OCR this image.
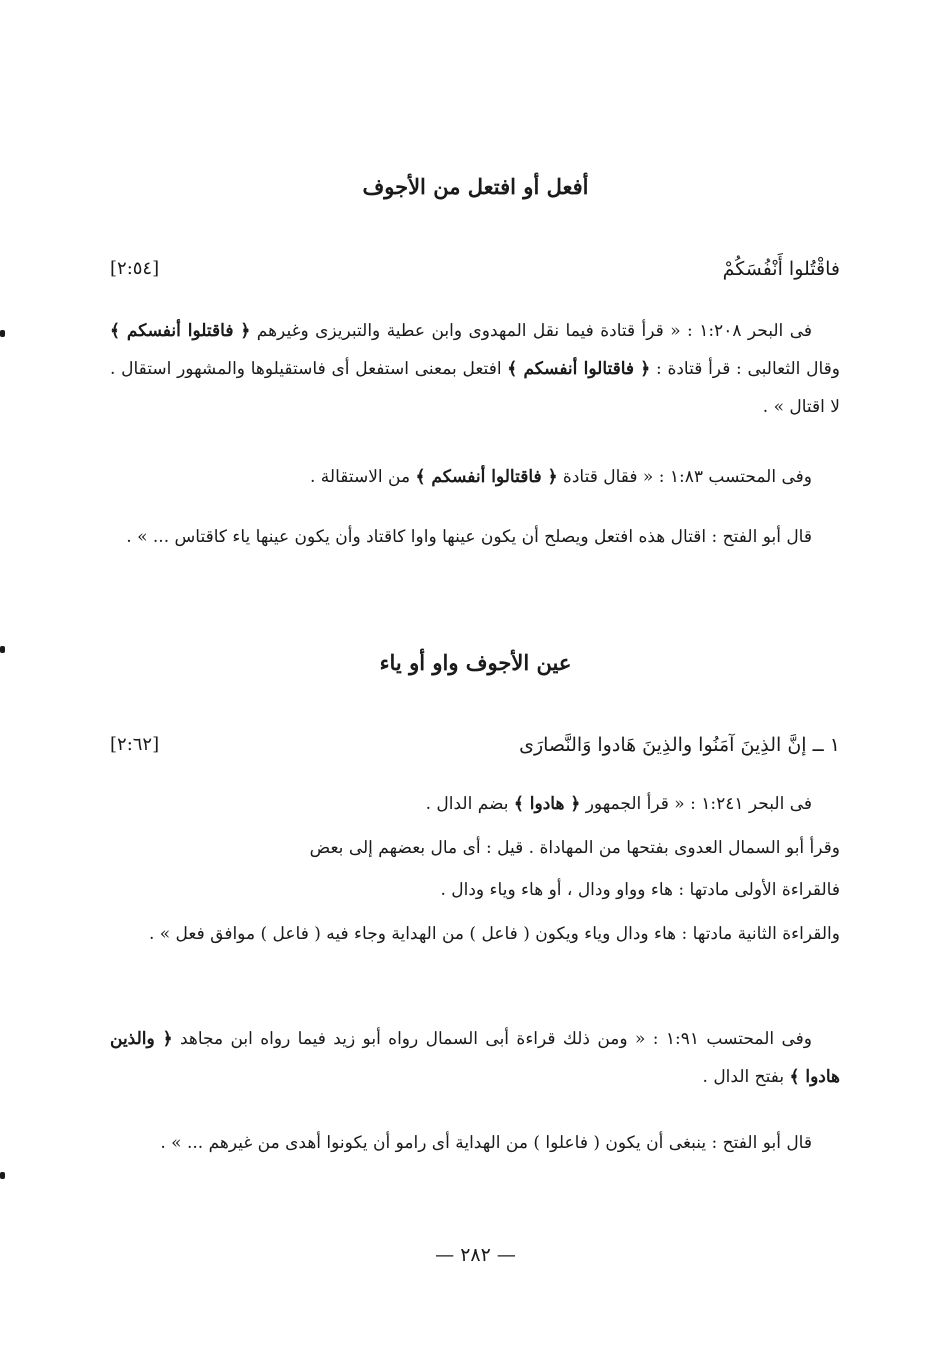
أفعل أو افتعل من الأجوف
فاقْتُلوا أَنْفُسَكُمْ
[٢:٥٤]

فى البحر ١:٢٠٨ : « قرأ قتادة فيما نقل المهدوى وابن عطية والتبريزى وغيرهم ﴿ فاقتلوا أنفسكم ﴾ وقال الثعالبى : قرأ قتادة : ﴿ فاقتالوا أنفسكم ﴾ افتعل بمعنى استفعل أى فاستقيلوها والمشهور استقال . لا اقتال » .

وفى المحتسب ١:٨٣ : « فقال قتادة ﴿ فاقتالوا أنفسكم ﴾ من الاستقالة .

قال أبو الفتح : اقتال هذه افتعل ويصلح أن يكون عينها واوا كاقتاد وأن يكون عينها ياء كاقتاس ... » .

عين الأجوف واو أو ياء
١ ــ إنَّ الذِينَ آمَنُوا والذِينَ هَادوا وَالنَّصارَى
[٢:٦٢]

فى البحر ١:٢٤١ : « قرأ الجمهور ﴿ هادوا ﴾ بضم الدال .

وقرأ أبو السمال العدوى بفتحها من المهاداة . قيل : أى مال بعضهم إلى بعض

فالقراءة الأولى مادتها : هاء وواو ودال ، أو هاء وياء ودال .

والقراءة الثانية مادتها : هاء ودال وياء ويكون ( فاعل ) من الهداية وجاء فيه ( فاعل ) موافق فعل » .

وفى المحتسب ١:٩١ : « ومن ذلك قراءة أبى السمال رواه أبو زيد فيما رواه ابن مجاهد ﴿ والذين هادوا ﴾ بفتح الدال .

قال أبو الفتح : ينبغى أن يكون ( فاعلوا ) من الهداية أى رامو أن يكونوا أهدى من غيرهم ... » .

— ٢٨٢ —
